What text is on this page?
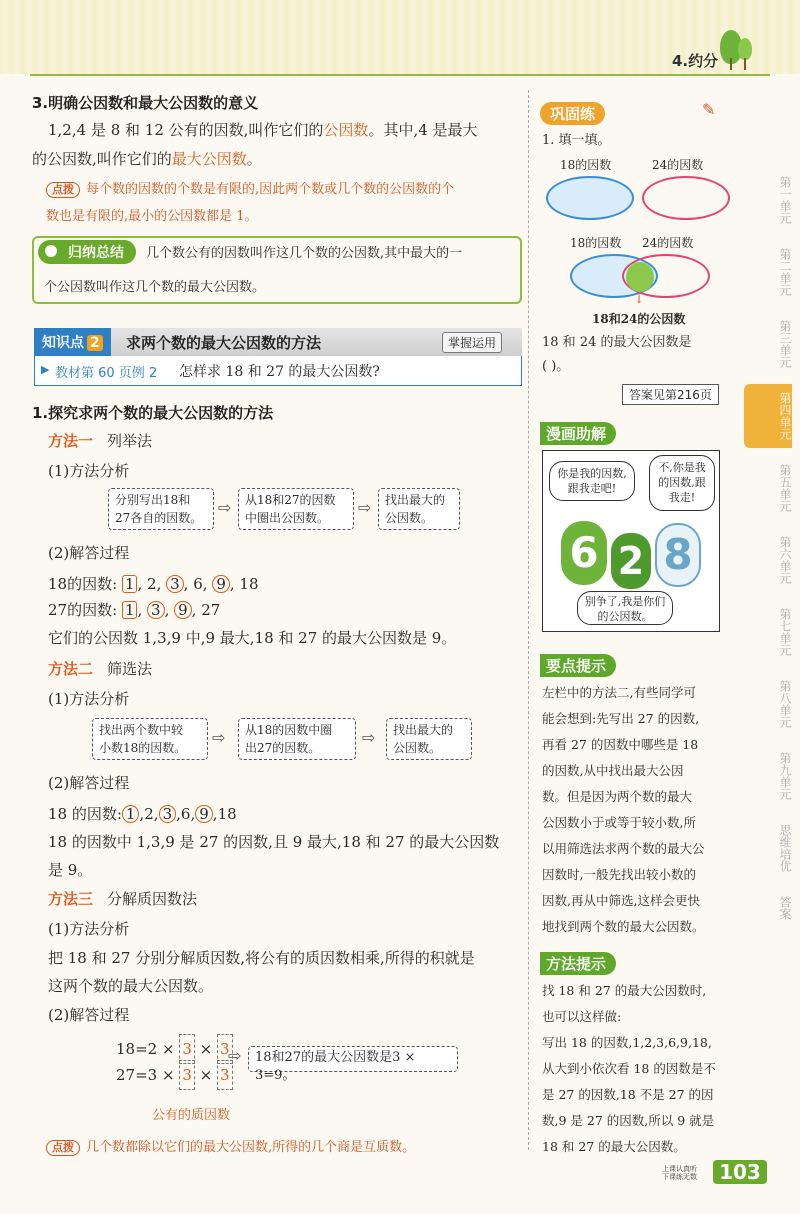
4.约分
3.明确公因数和最大公因数的意义
1,2,4 是 8 和 12 公有的因数,叫作它们的公因数。其中,4 是最大
的公因数,叫作它们的最大公因数。
点拨 每个数的因数的个数是有限的,因此两个数或几个数的公因数的个
数也是有限的,最小的公因数都是 1。
归纳总结	几个数公有的因数叫作这几个数的公因数,其中最大的一
个公因数叫作这几个数的最大公因数。
知识点 2	求两个数的最大公因数的方法	掌握运用
▶ 教材第 60 页例 2 怎样求 18 和 27 的最大公因数?
1.探究求两个数的最大公因数的方法
方法一 列举法
(1)方法分析
分别写出18和
27各自的因数。
⇨ 从18和27的因数
中圈出公因数。
⇨ 找出最大的
公因数。
(2)解答过程
18的因数: 1 , 2, 3 , 6, 9 , 18
27的因数: 1 , 3 , 9 , 27
它们的公因数 1,3,9 中,9 最大,18 和 27 的最大公因数是 9。
方法二 筛选法
(1)方法分析
找出两个数中较
小数18的因数。
⇨ 从18的因数中圈
出27的因数。
⇨ 找出最大的
公因数。
(2)解答过程
18 的因数: 1 ,2, 3 ,6, 9 ,18
18 的因数中 1,3,9 是 27 的因数,且 9 最大,18 和 27 的最大公因数
是 9。
方法三 分解质因数法
(1)方法分析
把 18 和 27 分别分解质因数,将公有的质因数相乘,所得的积就是
这两个数的最大公因数。
(2)解答过程
18=2 × 3 × 3
27=3 × 3 × 3
⇨	18和27的最大公因数是3 × 3=9。
公有的质因数
点拨 几个数都除以它们的最大公因数,所得的几个商是互质数。
巩固练	✎
1. 填一填。
18的因数	24的因数
18的因数 24的因数
↓
18和24的公因数
18 和 24 的最大公因数是
( )。
答案见第216页
漫画助解
你是我的因数,跟我走吧!
不,你是我的因数,跟我走!
6 2 8
别争了,我是你们的公因数。
要点提示
左栏中的方法二,有些同学可
能会想到:先写出 27 的因数,
再看 27 的因数中哪些是 18
的因数,从中找出最大公因
数。但是因为两个数的最大
公因数小于或等于较小数,所
以用筛选法求两个数的最大公
因数时,一般先找出较小数的
因数,再从中筛选,这样会更快
地找到两个数的最大公因数。
方法提示
找 18 和 27 的最大公因数时,
也可以这样做:
写出 18 的因数,1,2,3,6,9,18,
从大到小依次看 18 的因数是不
是 27 的因数,18 不是 27 的因
数,9 是 27 的因数,所以 9 就是
18 和 27 的最大公因数。
第一单元
第二单元
第三单元
第四单元
第五单元
第六单元
第七单元
第八单元
第九单元
思维培优
答案
上课认真听
下课练无数 103
